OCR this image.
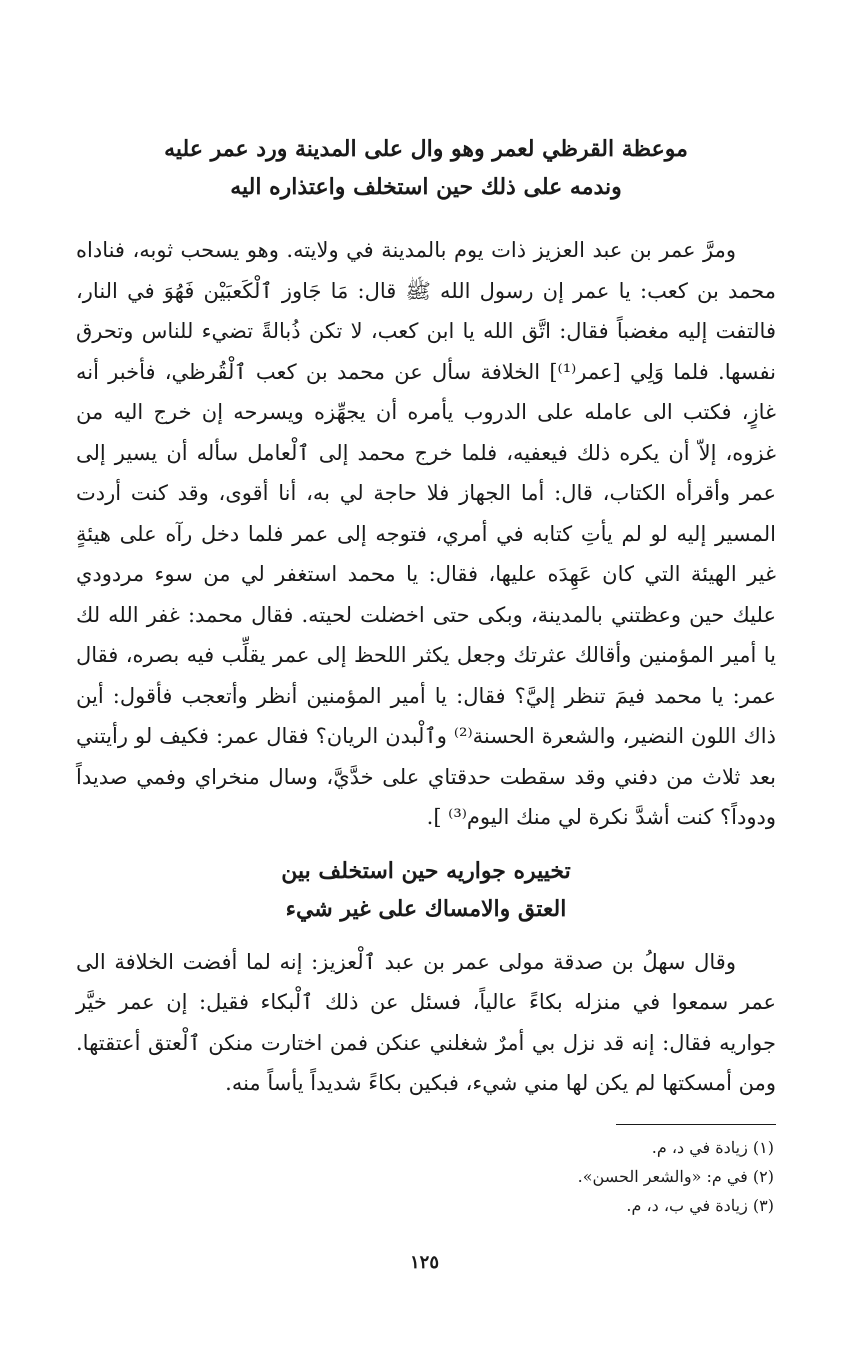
موعظة القرظي لعمر وهو وال على المدينة ورد عمر عليه

وندمه على ذلك حين استخلف واعتذاره اليه

ومرَّ عمر بن عبد العزيز ذات يوم بالمدينة في ولايته. وهو يسحب ثوبه، فناداه محمد بن كعب: يا عمر إن رسول الله ﷺ قال: مَا جَاوز ٱلْكَعبَيْن فَهُوَ في النار، فالتفت إليه مغضباً فقال: اتَّق الله يا ابن كعب، لا تكن ذُبالةً تضيء للناس وتحرق نفسها. فلما وَلِي [عمر⁽¹⁾] الخلافة سأل عن محمد بن كعب ٱلْقُرظي، فأخبر أنه غازٍ، فكتب الى عامله على الدروب يأمره أن يجهِّزه ويسرحه إن خرج اليه من غزوه، إلاّ أن يكره ذلك فيعفيه، فلما خرج محمد إلى ٱلْعامل سأله أن يسير إلى عمر وأقرأه الكتاب، قال: أما الجهاز فلا حاجة لي به، أنا أقوى، وقد كنت أردت المسير إليه لو لم يأتِ كتابه في أمري، فتوجه إلى عمر فلما دخل رآه على هيئةٍ غير الهيئة التي كان عَهِدَه عليها، فقال: يا محمد استغفر لي من سوء مردودي عليك حين وعظتني بالمدينة، وبكى حتى اخضلت لحيته. فقال محمد: غفر الله لك يا أمير المؤمنين وأقالك عثرتك وجعل يكثر اللحظ إلى عمر يقلِّب فيه بصره، فقال عمر: يا محمد فيمَ تنظر إليَّ؟ فقال: يا أمير المؤمنين أنظر وأتعجب فأقول: أين ذاك اللون النضير، والشعرة الحسنة⁽²⁾ وٱلْبدن الريان؟ فقال عمر: فكيف لو رأيتني بعد ثلاث من دفني وقد سقطت حدقتاي على خدَّيَّ، وسال منخراي وفمي صديداً ودوداً؟ كنت أشدَّ نكرة لي منك اليوم⁽³⁾ ].

تخييره جواريه حين استخلف بين

العتق والامساك على غير شيء

وقال سهلُ بن صدقة مولى عمر بن عبد ٱلْعزيز: إنه لما أفضت الخلافة الى عمر سمعوا في منزله بكاءً عالياً، فسئل عن ذلك ٱلْبكاء فقيل: إن عمر خيَّر جواريه فقال: إنه قد نزل بي أمرٌ شغلني عنكن فمن اختارت منكن ٱلْعتق أعتقتها. ومن أمسكتها لم يكن لها مني شيء، فبكين بكاءً شديداً يأساً منه.

(١) زيادة في د، م.

(٢) في م: «والشعر الحسن».

(٣) زيادة في ب، د، م.

١٢٥
